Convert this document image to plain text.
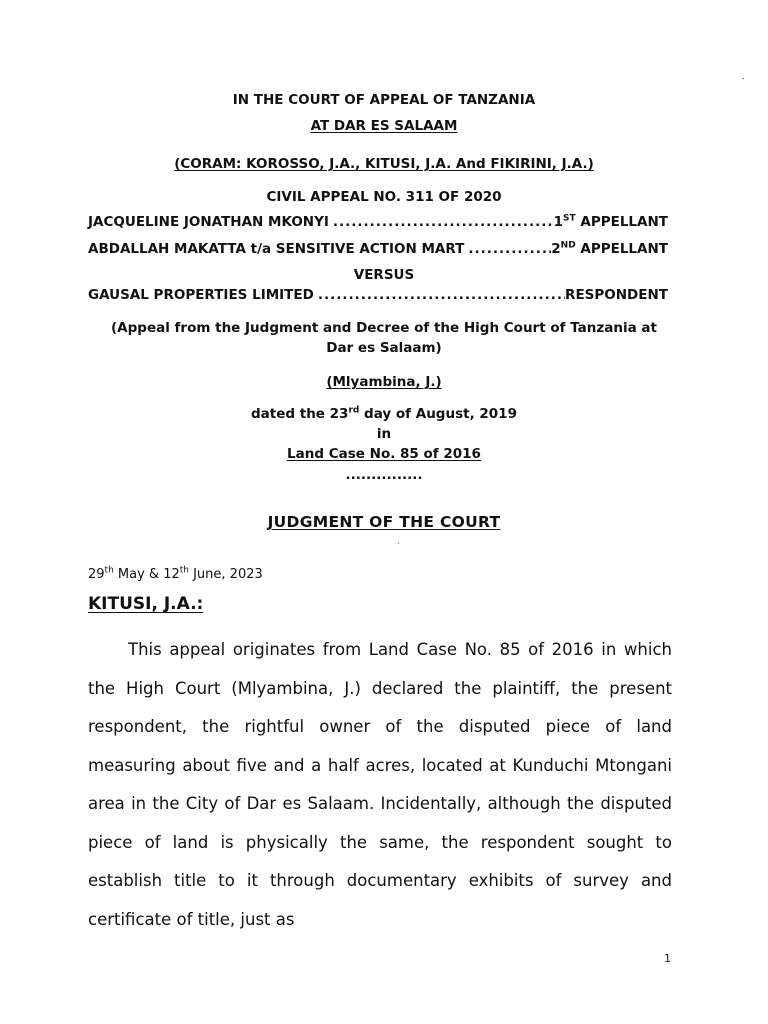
IN THE COURT OF APPEAL OF TANZANIA
AT DAR ES SALAAM
(CORAM: KOROSSO, J.A., KITUSI, J.A. And FIKIRINI, J.A.)
CIVIL APPEAL NO. 311 OF 2020
JACQUELINE JONATHAN MKONYI .....	1ST APPELLANT
ABDALLAH MAKATTA t/a SENSITIVE ACTION MART .....	2ND APPELLANT
VERSUS
GAUSAL PROPERTIES LIMITED .....	RESPONDENT
(Appeal from the Judgment and Decree of the High Court of Tanzania at
Dar es Salaam)
(Mlyambina, J.)
dated the 23rd day of August, 2019
in
Land Case No. 85 of 2016
...............
JUDGMENT OF THE COURT
29th May & 12th June, 2023
KITUSI, J.A.:

This appeal originates from Land Case No. 85 of 2016 in which the High Court (Mlyambina, J.) declared the plaintiff, the present respondent, the rightful owner of the disputed piece of land measuring about five and a half acres, located at Kunduchi Mtongani area in the City of Dar es Salaam. Incidentally, although the disputed piece of land is physically the same, the respondent sought to establish title to it through documentary exhibits of survey and certificate of title, just as

1
